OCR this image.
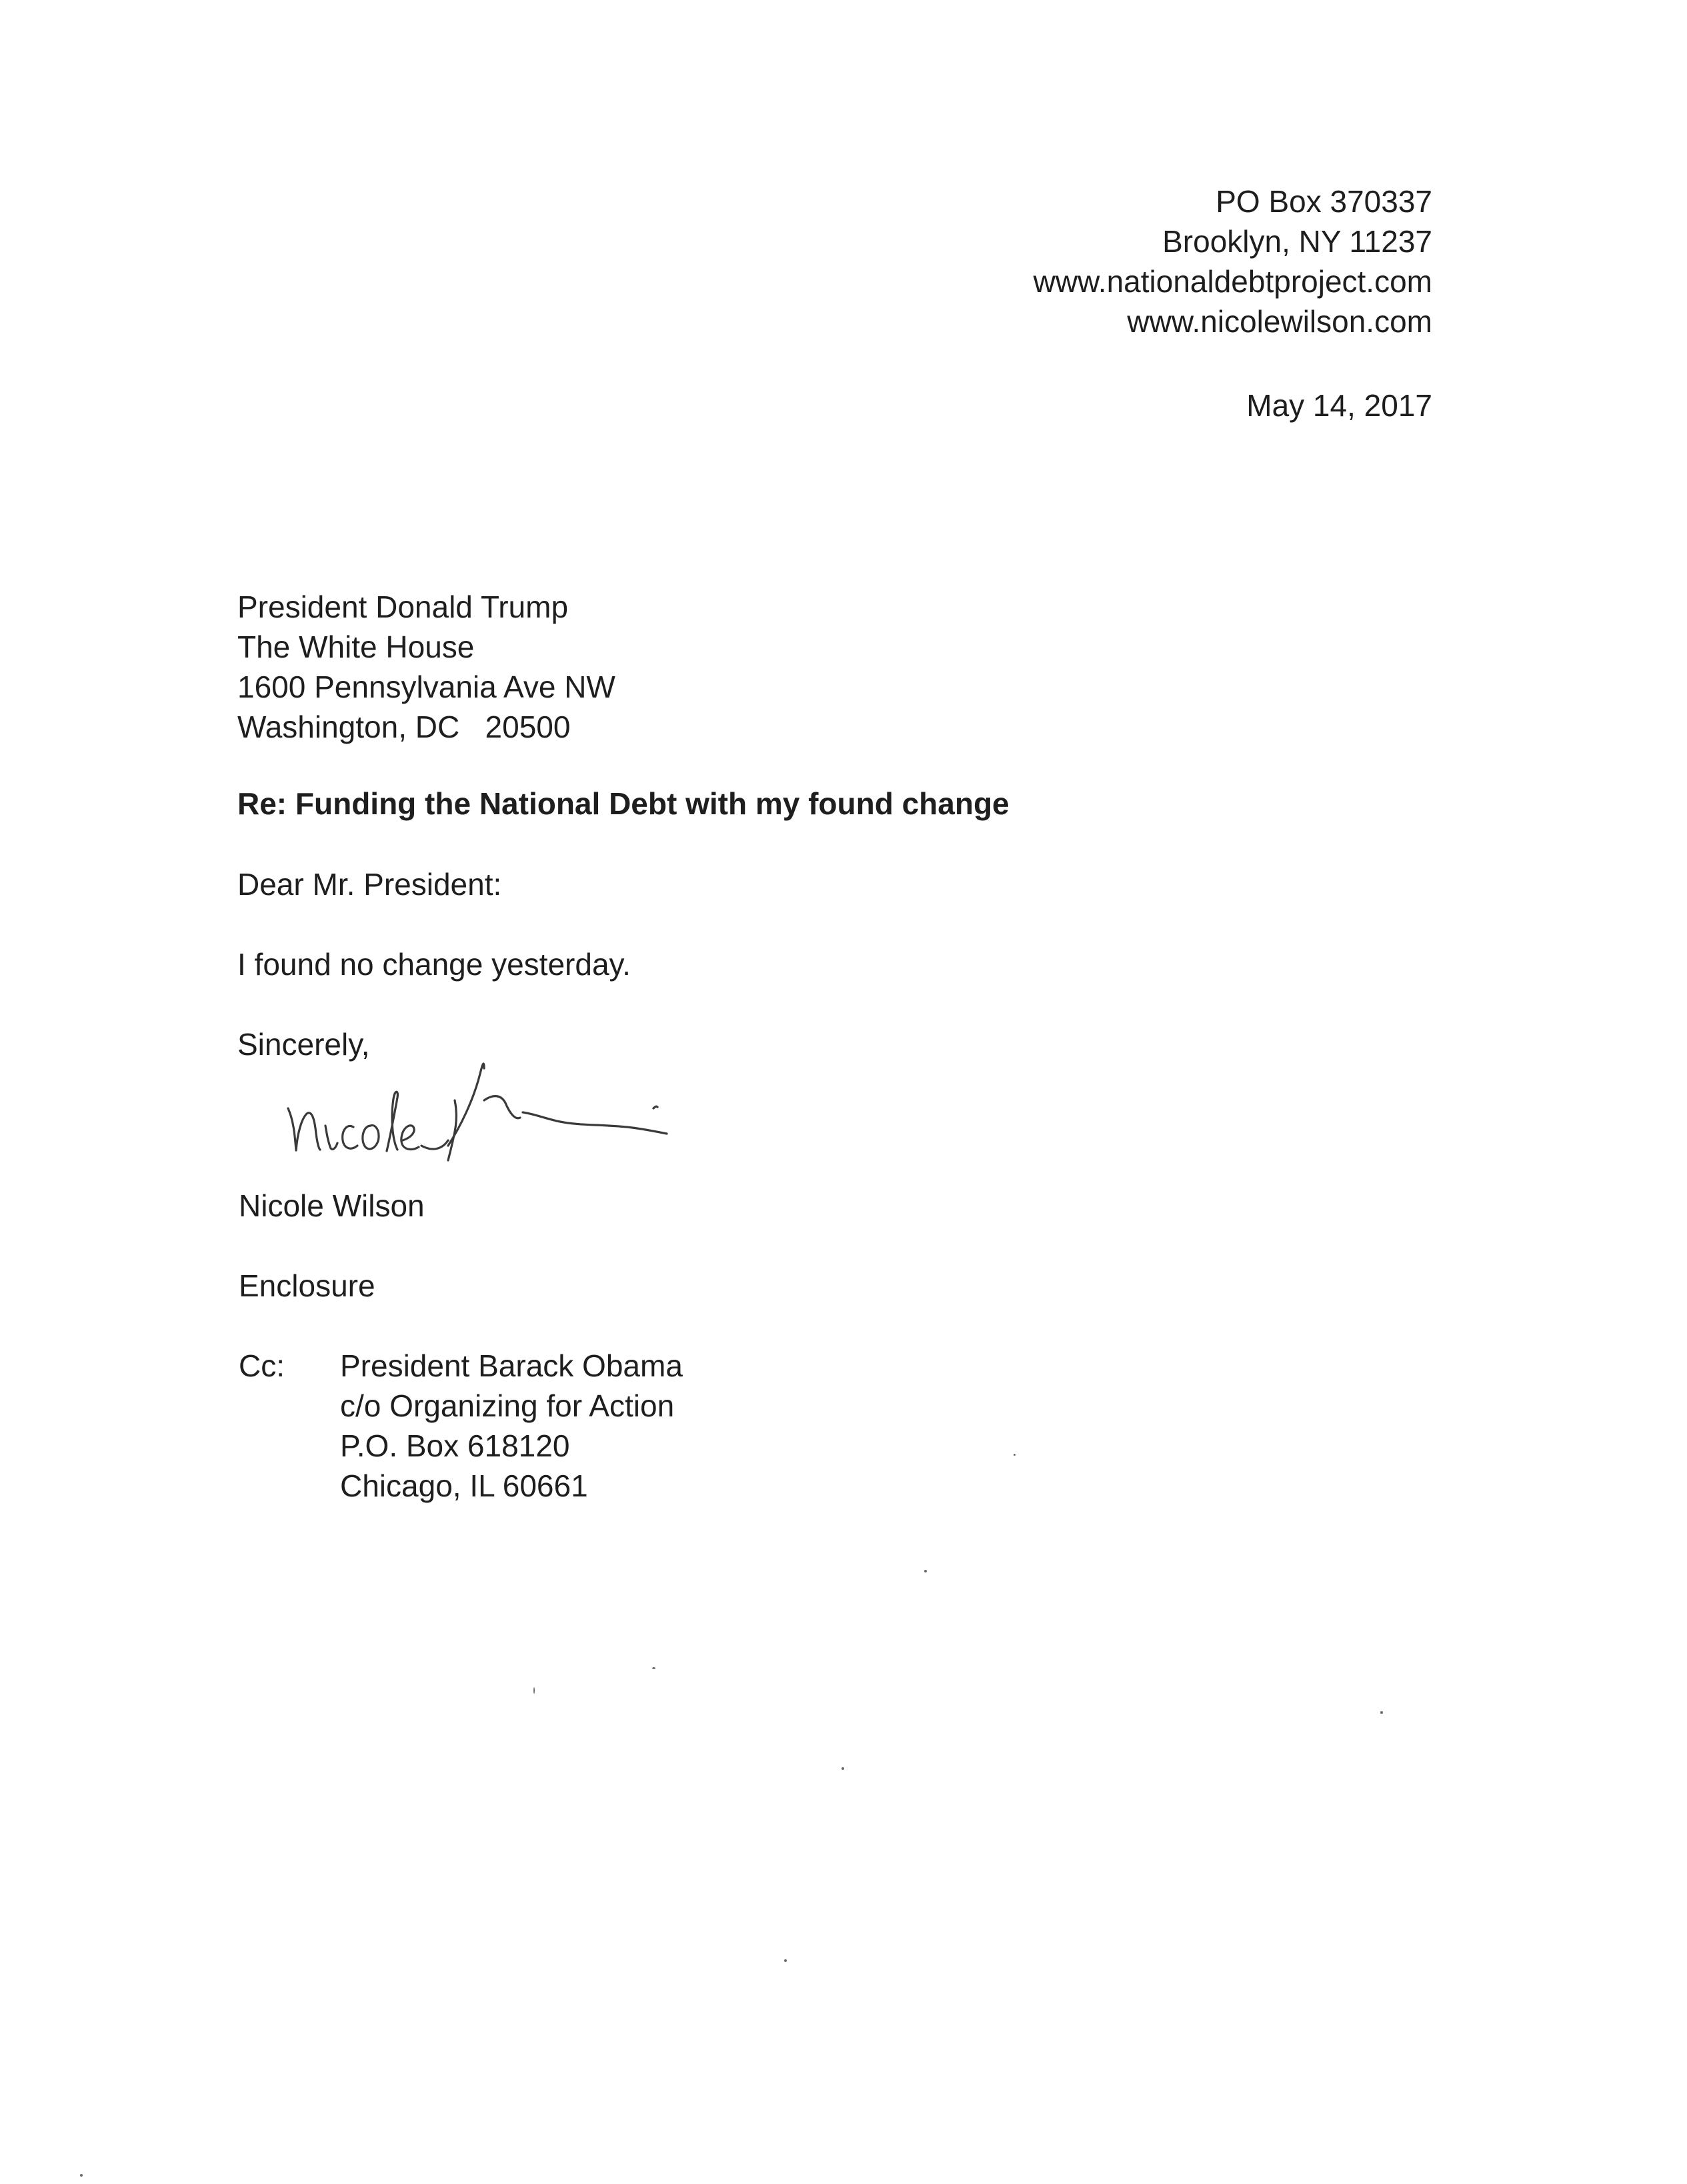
PO Box 370337
Brooklyn, NY 11237
www.nationaldebtproject.com
www.nicolewilson.com
May 14, 2017
President Donald Trump
The White House
1600 Pennsylvania Ave NW
Washington, DC   20500
Re: Funding the National Debt with my found change
Dear Mr. President:
I found no change yesterday.
Sincerely,
Nicole Wilson
Enclosure
Cc: President Barack Obama
c/o Organizing for Action
P.O. Box 618120
Chicago, IL 60661
